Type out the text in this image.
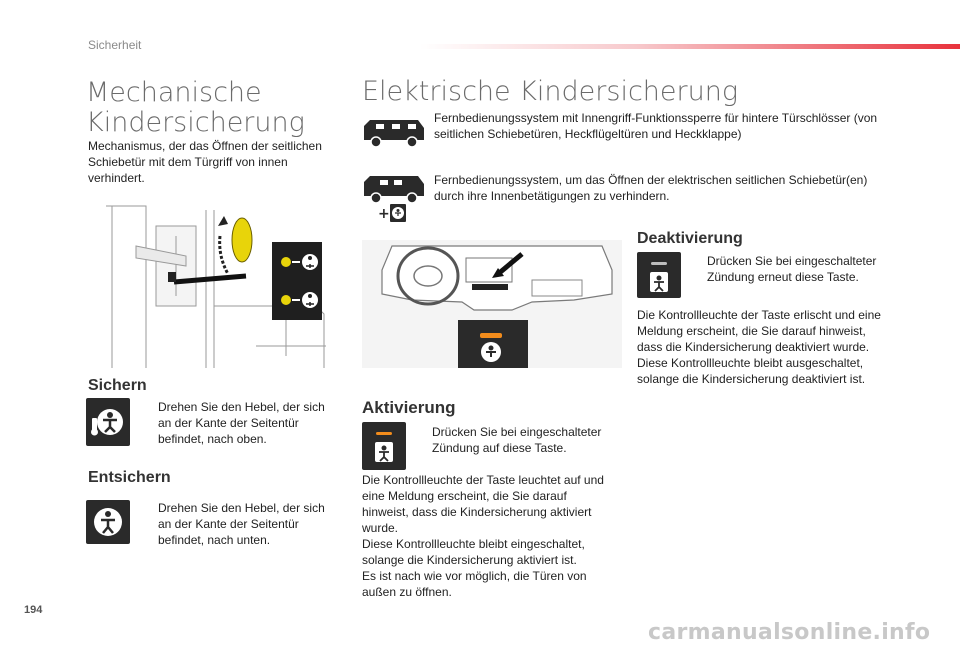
Sicherheit
Mechanische
Kindersicherung
Mechanismus, der das Öffnen der seitlichen Schiebetür mit dem Türgriff von innen verhindert.
Sichern
Drehen Sie den Hebel, der sich an der Kante der Seitentür befindet, nach oben.
Entsichern
Drehen Sie den Hebel, der sich an der Kante der Seitentür befindet, nach unten.
Elektrische Kindersicherung
Fernbedienungssystem mit Innengriff-Funktionssperre für hintere Türschlösser (von seitlichen Schiebetüren, Heckflügeltüren und Heckklappe)
+
Fernbedienungssystem, um das Öffnen der elektrischen seitlichen Schiebetür(en) durch ihre Innenbetätigungen zu verhindern.
Aktivierung
Drücken Sie bei eingeschalteter Zündung auf diese Taste.
Die Kontrollleuchte der Taste leuchtet auf und eine Meldung erscheint, die Sie darauf hinweist, dass die Kindersicherung aktiviert wurde.
Diese Kontrollleuchte bleibt eingeschaltet, solange die Kindersicherung aktiviert ist.
Es ist nach wie vor möglich, die Türen von außen zu öffnen.
Deaktivierung
Drücken Sie bei eingeschalteter Zündung erneut diese Taste.
Die Kontrollleuchte der Taste erlischt und eine Meldung erscheint, die Sie darauf hinweist, dass die Kindersicherung deaktiviert wurde. Diese Kontrollleuchte bleibt ausgeschaltet, solange die Kindersicherung deaktiviert ist.
194
carmanualsonline.info
